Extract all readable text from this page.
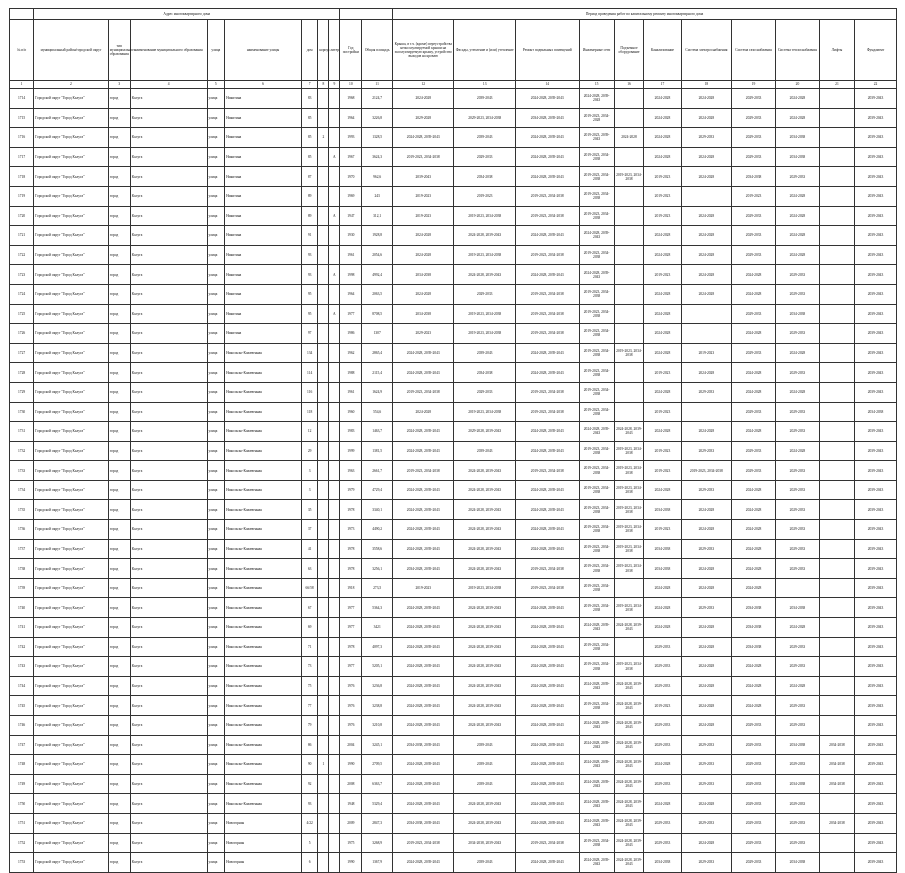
	Адрес многоквартирного дома										Период проведения работ по капитальному ремонту многоквартирного дома										
№ п/п	муниципальный район/городской округ	тип муниципального образования	наименование муниципального образования	улица	наименование улицы	дом	корпус	литер	Год постройки	Общая площадь	Крыша, в т.ч. (кроме) переустройства неэксплуатируемой крыши на эксплуатируемую крышу, устройство выходов на кровлю	Фасады, утепление и (или) утепление	Ремонт подвальных помещений	Инженерные сети	Подъемное оборудование	Канализование	Система электроснабжения	Система газоснабжения	Система теплоснабжения	Лифты	Фундамент
1	2	3	4	5	6	7	8	9	10	11	12	13	14	15	16	17	18	19	20	21	22
1714	Городской округ "Город Калуга"	город	Калуга	улица	Никитина	83			1968	2124,7	2024-2028	2039-2043	2024-2028, 2039-2043	2024-2028, 2039-2043		2024-2028	2024-2028	2029-2033	2024-2028		2039-2043
1715	Городской округ "Город Калуга"	город	Калуга	улица	Никитина	85			1964	3226,8	2029-2028	2029-2023, 2034-2038	2034-2028, 2039-2043	2019-2023, 2034-2028		2024-2028	2024-2028	2029-2033	2024-2028		2039-2043
1716	Городской округ "Город Калуга"	город	Калуга	улица	Никитина	85	2		1993	1328,5	2024-2028, 2039-2043	2039-2043	2024-2028, 2039-2043	2019-2023, 2039-2043	2024-2028	2024-2028	2029-2033	2029-2033	2034-2038		2039-2043
1717	Городской округ "Город Калуга"	город	Калуга	улица	Никитина	85		А	1967	3624,3	2019-2023, 2034-2038	2029-2033	2024-2028, 2039-2043	2019-2023, 2034-2038		2024-2028	2024-2028	2029-2033	2034-2038		2039-2043
1718	Городской округ "Город Калуга"	город	Калуга	улица	Никитина	87			1970	962,6	2039-2043	2034-2038	2024-2028, 2039-2043	2019-2023, 2034-2038	2019-2023, 2034-2038	2019-2023	2024-2028	2034-2038	2029-2033		2039-2043
1719	Городской округ "Город Калуга"	город	Калуга	улица	Никитина	89			1969	243	2019-2023	2019-2023	2019-2023, 2034-2038	2019-2023, 2034-2038		2019-2023		2019-2023	2024-2028		2039-2043
1720	Городской округ "Город Калуга"	город	Калуга	улица	Никитина	89		А	1947	312,1	2019-2023	2019-2023, 2034-2038	2019-2023, 2034-2038	2019-2023, 2034-2038		2019-2023	2024-2028	2029-2033	2024-2028		2039-2043
1721	Городской округ "Город Калуга"	город	Калуга	улица	Никитина	91			1930	1928,8	2024-2028	2024-2028, 2039-2043	2024-2028, 2039-2043	2024-2028, 2039-2043		2024-2028	2024-2028	2029-2033	2024-2028		2039-2043
1722	Городской округ "Город Калуга"	город	Калуга	улица	Никитина	93			1961	2054,6	2024-2028	2019-2023, 2034-2038	2019-2023, 2034-2038	2019-2023, 2034-2038		2024-2028	2024-2028	2029-2033	2024-2028		2039-2043
1723	Городской округ "Город Калуга"	город	Калуга	улица	Никитина	93		А	1998	4992,4	2034-2038	2024-2028, 2039-2043	2024-2028, 2039-2043	2024-2028, 2039-2043		2019-2023	2024-2028	2024-2028	2029-2033		2039-2043
1724	Городской округ "Город Калуга"	город	Калуга	улица	Никитина	95			1964	2063,5	2024-2028	2029-2033	2019-2023, 2034-2038	2019-2023, 2034-2038		2024-2028	2024-2028	2024-2028	2029-2033		2039-2043
1725	Городской округ "Город Калуга"	город	Калуга	улица	Никитина	95		А	1977	8708,5	2034-2038	2019-2023, 2034-2038	2019-2023, 2034-2038	2019-2023, 2034-2038		2024-2028		2029-2033	2034-2038		2039-2043
1726	Городской округ "Город Калуга"	город	Калуга	улица	Никитина	97			1986	1307	2029-2023	2019-2023, 2034-2038	2019-2023, 2034-2038	2019-2023, 2034-2038		2024-2028		2024-2028	2029-2033		2039-2043
1727	Городской округ "Город Калуга"	город	Калуга	улица	Никольско-Кожевенная	134			1962	2865,4	2024-2028, 2039-2043	2039-2043	2024-2028, 2039-2043	2019-2023, 2034-2038	2019-2023, 2034-2038	2024-2028	2019-2023	2029-2033	2024-2028		2039-2043
1728	Городской округ "Город Калуга"	город	Калуга	улица	Никольско-Кожевенная	114			1988	2115,4	2024-2028, 2039-2043	2034-2038	2024-2028, 2039-2043	2019-2023, 2034-2038		2019-2023	2024-2028	2024-2028	2029-2033		2039-2043
1729	Городской округ "Город Калуга"	город	Калуга	улица	Никольско-Кожевенная	116			1961	1624,9	2019-2023, 2034-2038	2029-2033	2019-2023, 2034-2038	2019-2023, 2034-2038		2024-2028	2029-2033	2024-2028	2024-2028		2039-2043
1730	Городской округ "Город Калуга"	город	Калуга	улица	Никольско-Кожевенная	118			1960	554,6	2024-2028	2019-2023, 2034-2038	2019-2023, 2034-2038	2019-2023, 2034-2038		2019-2023		2029-2033	2029-2033		2034-2038
1731	Городской округ "Город Калуга"	город	Калуга	улица	Никольско-Кожевенная	12			1983	1463,7	2024-2028, 2039-2043	2029-2028, 2039-2043	2024-2028, 2039-2043	2024-2028, 2039-2043	2024-2028, 2039-2043	2024-2028	2024-2028	2024-2028	2029-2033		2039-2043
1732	Городской округ "Город Калуга"	город	Калуга	улица	Никольско-Кожевенная	29			1999	1381,5	2024-2028, 2039-2043	2039-2043	2024-2028, 2039-2043	2019-2023, 2034-2038	2019-2023, 2034-2038	2019-2023	2029-2033	2029-2033	2024-2028		2039-2043
1733	Городской округ "Город Калуга"	город	Калуга	улица	Никольско-Кожевенная	3			1963	2661,7	2019-2023, 2034-2038	2024-2028, 2039-2043	2019-2023, 2034-2038	2019-2023, 2034-2038	2019-2023, 2034-2038	2019-2023	2019-2023, 2034-2038	2029-2033	2029-2033		2039-2043
1734	Городской округ "Город Калуга"	город	Калуга	улица	Никольско-Кожевенная	3			1979	4729,4	2024-2028, 2039-2043	2024-2028, 2039-2043	2024-2028, 2039-2043	2019-2023, 2034-2038	2019-2023, 2034-2038	2024-2028	2029-2033	2024-2028	2029-2033		2039-2043
1735	Городской округ "Город Калуга"	город	Калуга	улица	Никольско-Кожевенная	35			1978	3340,1	2024-2028, 2039-2043	2024-2028, 2039-2043	2024-2028, 2039-2043	2019-2023, 2034-2038	2019-2023, 2034-2038	2034-2038	2024-2028	2024-2028	2029-2033		2039-2043
1736	Городской округ "Город Калуга"	город	Калуга	улица	Никольско-Кожевенная	37			1973	4490,2	2024-2028, 2039-2043	2024-2028, 2039-2043	2024-2028, 2039-2043	2019-2023, 2034-2038	2019-2023, 2034-2038	2019-2023	2024-2028	2024-2028	2029-2033		2039-2043
1737	Городской округ "Город Калуга"	город	Калуга	улица	Никольско-Кожевенная	41			1978	3558,6	2024-2028, 2039-2043	2024-2028, 2039-2043	2024-2028, 2039-2043	2019-2023, 2034-2038	2019-2023, 2034-2038	2034-2038	2029-2033	2024-2028	2029-2033		2039-2043
1738	Городской округ "Город Калуга"	город	Калуга	улица	Никольско-Кожевенная	63			1978	3256,1	2034-2028, 2039-2043	2024-2028, 2039-2043	2019-2023, 2034-2038	2019-2023, 2034-2038	2019-2023, 2034-2038	2034-2038	2024-2028	2024-2028	2029-2033		2039-2043
1739	Городской округ "Город Калуга"	город	Калуга	улица	Никольско-Кожевенная	66/58			1918	273,5	2019-2023	2019-2023, 2034-2038	2019-2023, 2034-2038	2019-2023, 2034-2038		2024-2028	2024-2028	2024-2028			2039-2043
1740	Городской округ "Город Калуга"	город	Калуга	улица	Никольско-Кожевенная	67			1977	5364,3	2024-2028, 2039-2043	2024-2028, 2039-2043	2024-2028, 2039-2043	2019-2023, 2034-2038	2019-2023, 2034-2038	2024-2028	2029-2033	2034-2038	2034-2038		2039-2043
1741	Городской округ "Город Калуга"	город	Калуга	улица	Никольско-Кожевенная	69			1977	3421	2024-2028, 2039-2043	2024-2028, 2039-2043	2024-2028, 2039-2043	2024-2028, 2039-2043	2024-2028, 2039-2043	2024-2028	2024-2028	2034-2038	2024-2028		2039-2043
1742	Городской округ "Город Калуга"	город	Калуга	улица	Никольско-Кожевенная	71			1978	4097,3	2024-2028, 2039-2043	2024-2028, 2039-2043	2024-2028, 2039-2043	2019-2023, 2034-2038		2029-2033	2024-2028	2034-2038	2029-2033		2039-2043
1743	Городской округ "Город Калуга"	город	Калуга	улица	Никольско-Кожевенная	73			1977	5205,1	2024-2028, 2039-2043	2024-2028, 2039-2043	2024-2028, 2039-2043	2019-2023, 2034-2038	2019-2023, 2034-2038	2029-2033	2024-2028	2024-2028	2029-2033		2039-2043
1744	Городской округ "Город Калуга"	город	Калуга	улица	Никольско-Кожевенная	75			1976	3236,8	2024-2028, 2039-2043	2024-2028, 2039-2043	2024-2028, 2039-2043	2024-2028, 2039-2043	2024-2028, 2039-2043	2029-2033	2024-2028	2024-2028	2024-2028		2039-2043
1745	Городской округ "Город Калуга"	город	Калуга	улица	Никольско-Кожевенная	77			1976	3238,8	2024-2028, 2039-2043	2024-2028, 2039-2043	2024-2028, 2039-2043	2019-2023, 2034-2038	2024-2028, 2039-2043	2019-2023	2024-2028	2024-2028	2029-2033		2039-2043
1746	Городской округ "Город Калуга"	город	Калуга	улица	Никольско-Кожевенная	79			1976	3210,8	2024-2028, 2039-2043	2024-2028, 2039-2043	2024-2028, 2039-2043	2024-2028, 2039-2043	2024-2028, 2039-2043	2029-2033	2024-2028	2029-2033	2029-2033		2039-2043
1747	Городской округ "Город Калуга"	город	Калуга	улица	Никольско-Кожевенная	86			2004	3245,1	2034-2038, 2039-2043	2039-2043	2024-2028, 2039-2043	2024-2028, 2039-2043	2024-2028, 2039-2043	2029-2033	2029-2033	2029-2033	2034-2038	2034-2038	2039-2043
1748	Городской округ "Город Калуга"	город	Калуга	улица	Никольско-Кожевенная	90	1		1990	2709,5	2024-2028, 2039-2043	2039-2043	2024-2028, 2039-2043	2024-2028, 2039-2043	2024-2028, 2039-2043	2024-2028	2029-2033	2029-2033	2029-2033	2034-2038	2039-2043
1749	Городской округ "Город Калуга"	город	Калуга	улица	Никольско-Кожевенная	92			2008	6363,7	2024-2028, 2039-2043	2039-2043	2024-2028, 2039-2043	2024-2028, 2039-2043	2024-2028, 2039-2043	2029-2033	2029-2033	2029-2033	2034-2038	2034-2038	2039-2043
1750	Городской округ "Город Калуга"	город	Калуга	улица	Никольско-Кожевенная	93			1948	5329,4	2024-2028, 2039-2043	2024-2028, 2039-2043	2024-2028, 2039-2043	2024-2028, 2039-2043	2024-2028, 2039-2043	2024-2028	2024-2028	2029-2033	2029-2033		2039-2043
1751	Городской округ "Город Калуга"	город	Калуга	улица	Новогорная	4/22			2009	2847,3	2034-2038, 2039-2043	2024-2028, 2039-2043	2024-2028, 2039-2043	2024-2028, 2039-2043	2024-2028, 2039-2043	2029-2033	2029-2033	2029-2033	2029-2033	2034-2038	2039-2043
1752	Городской округ "Город Калуга"	город	Калуга	улица	Новогорная	5			1975	3268,9	2019-2023, 2034-2038	2034-2038, 2039-2043	2019-2023, 2034-2038	2019-2023, 2034-2038	2024-2028, 2039-2043	2029-2033	2024-2028	2029-2033	2029-2033		2039-2043
1753	Городской округ "Город Калуга"	город	Калуга	улица	Новогорная	6			1990	1367,9	2024-2028, 2039-2043	2039-2043	2024-2028, 2039-2043	2024-2028, 2039-2043	2024-2028, 2039-2043	2034-2038	2029-2033	2029-2033	2034-2038		2039-2043
